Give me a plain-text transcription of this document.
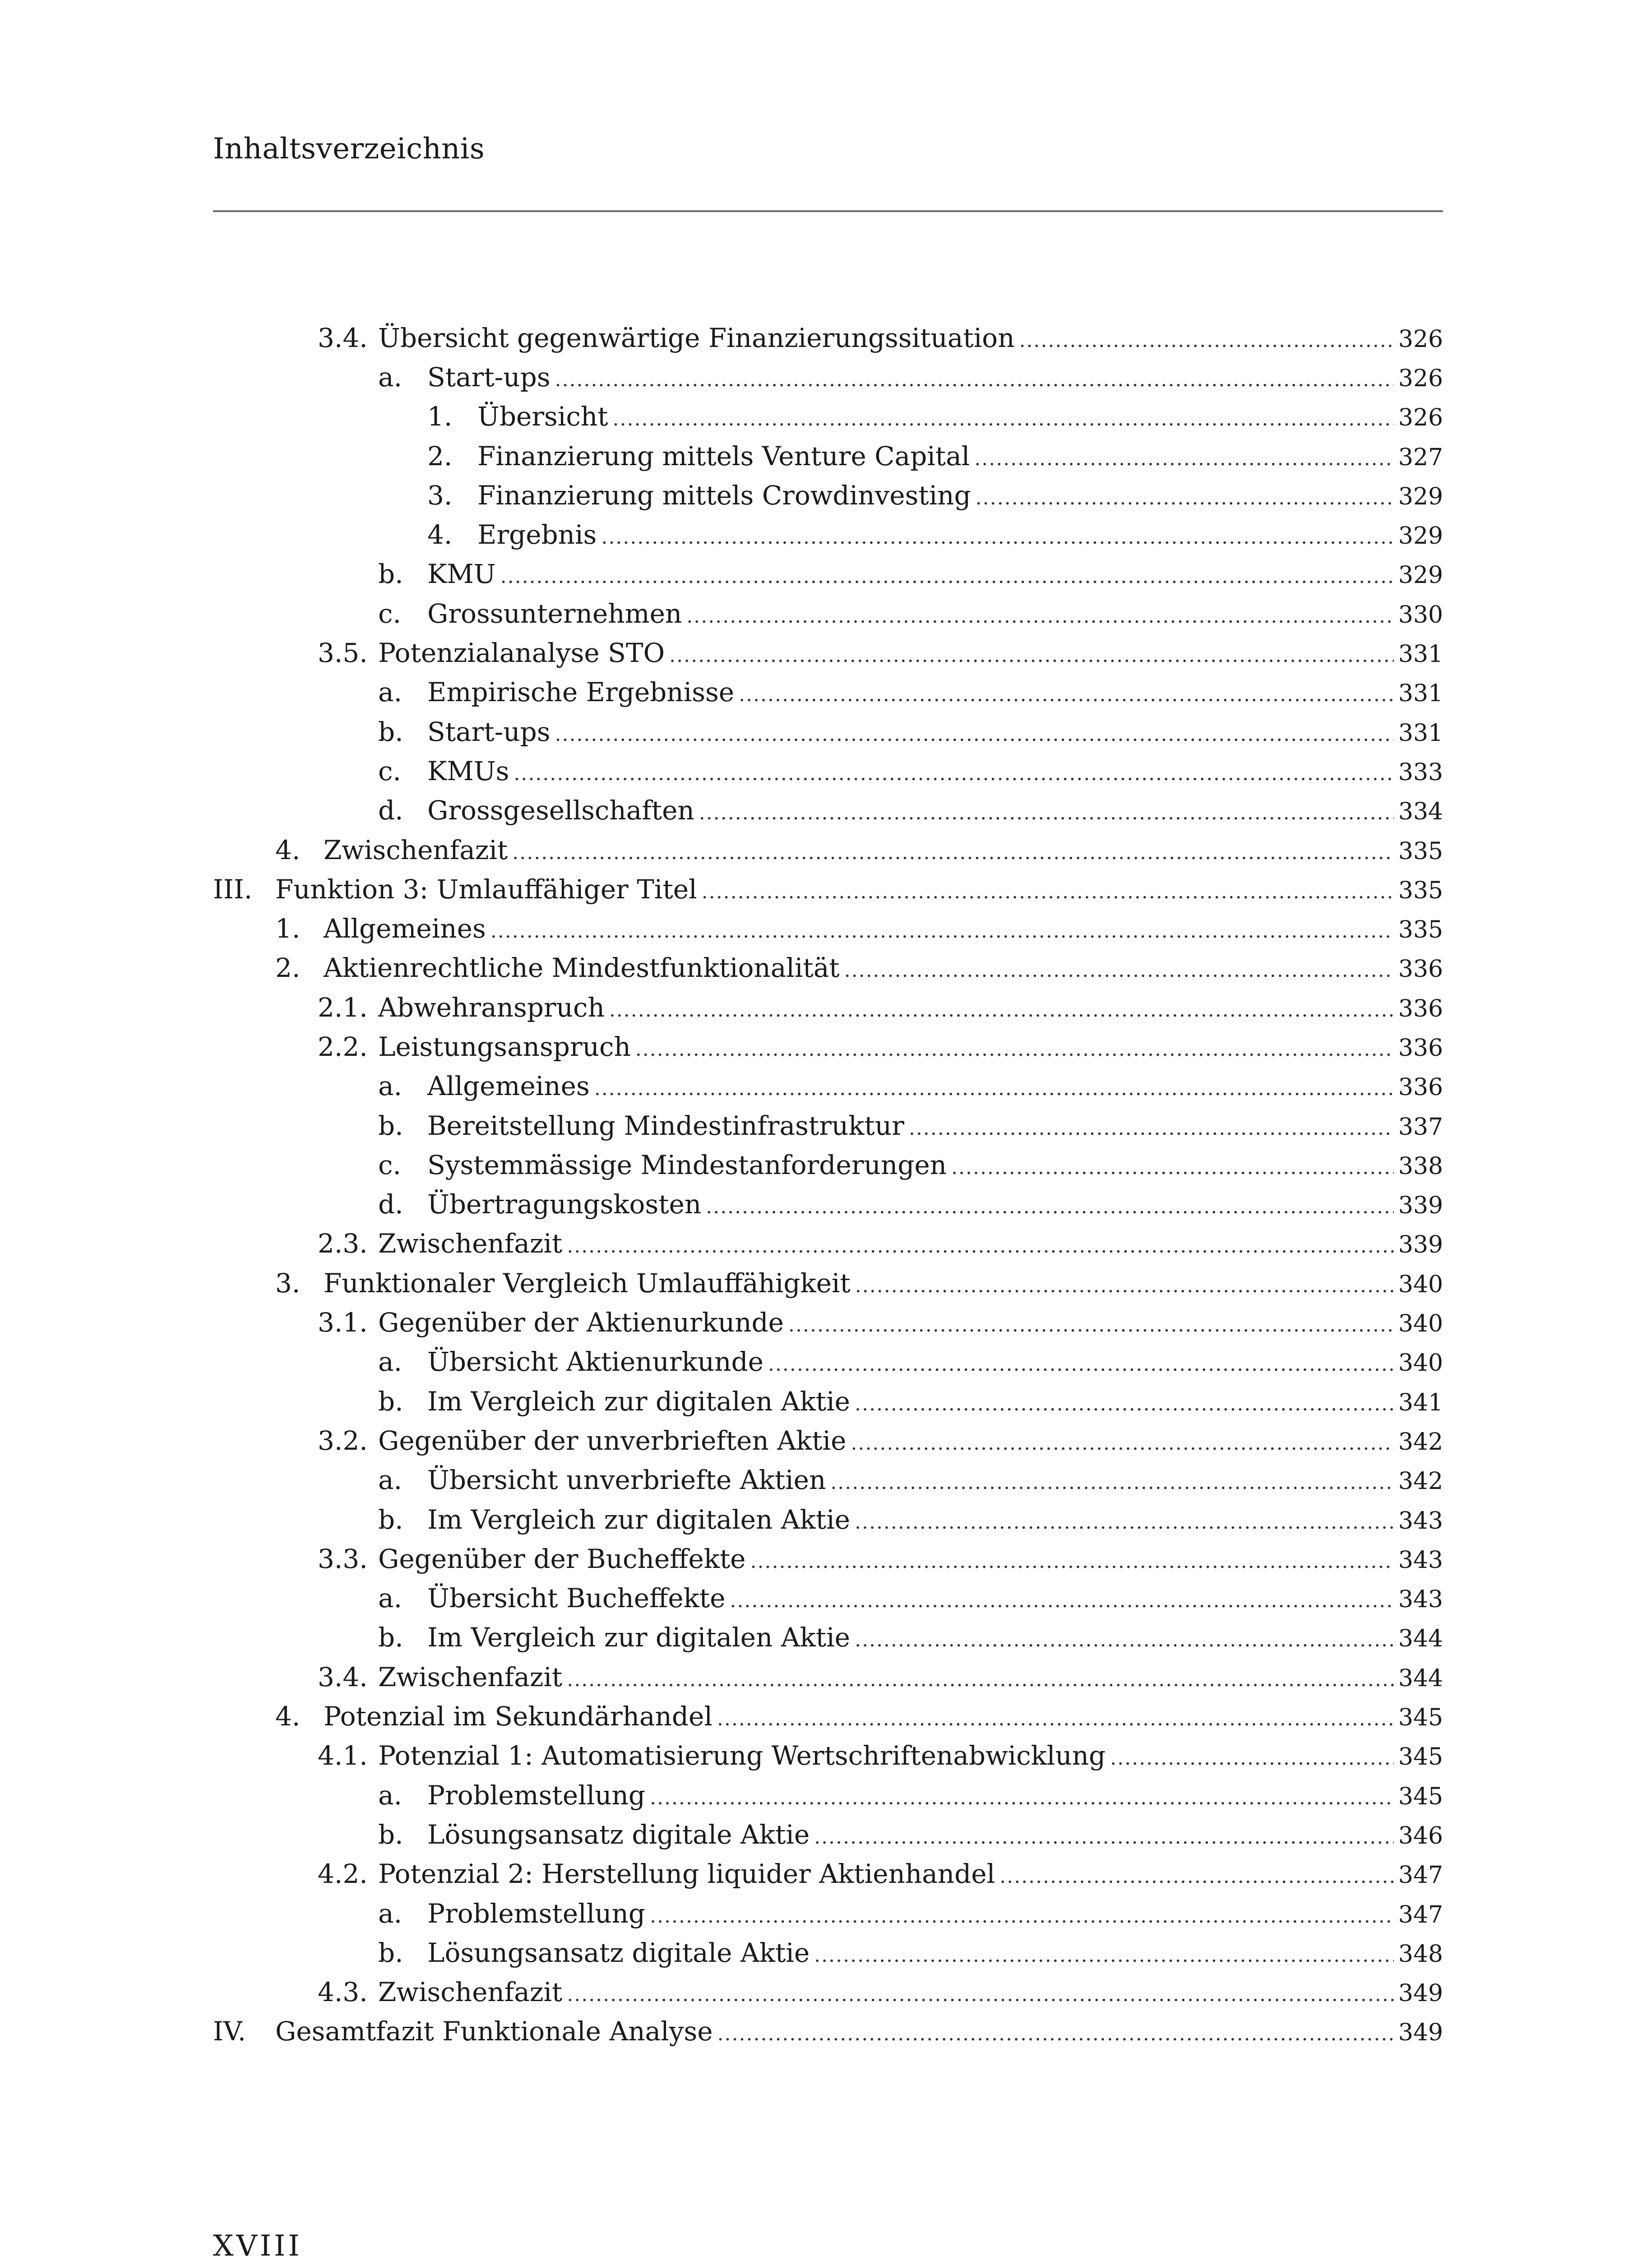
Inhaltsverzeichnis
3.4. Übersicht gegenwärtige Finanzierungssituation .....	326
a. Start-ups .....	326
1. Übersicht .....	326
2. Finanzierung mittels Venture Capital .....	327
3. Finanzierung mittels Crowdinvesting .....	329
4. Ergebnis .....	329
b. KMU .....	329
c. Grossunternehmen .....	330
3.5. Potenzialanalyse STO .....	331
a. Empirische Ergebnisse .....	331
b. Start-ups .....	331
c. KMUs .....	333
d. Grossgesellschaften .....	334
4. Zwischenfazit .....	335
III. Funktion 3: Umlauffähiger Titel .....	335
1. Allgemeines .....	335
2. Aktienrechtliche Mindestfunktionalität .....	336
2.1. Abwehranspruch .....	336
2.2. Leistungsanspruch .....	336
a. Allgemeines .....	336
b. Bereitstellung Mindestinfrastruktur .....	337
c. Systemmässige Mindestanforderungen .....	338
d. Übertragungskosten .....	339
2.3. Zwischenfazit .....	339
3. Funktionaler Vergleich Umlauffähigkeit .....	340
3.1. Gegenüber der Aktienurkunde .....	340
a. Übersicht Aktienurkunde .....	340
b. Im Vergleich zur digitalen Aktie .....	341
3.2. Gegenüber der unverbrieften Aktie .....	342
a. Übersicht unverbriefte Aktien .....	342
b. Im Vergleich zur digitalen Aktie .....	343
3.3. Gegenüber der Bucheffekte .....	343
a. Übersicht Bucheffekte .....	343
b. Im Vergleich zur digitalen Aktie .....	344
3.4. Zwischenfazit .....	344
4. Potenzial im Sekundärhandel .....	345
4.1. Potenzial 1: Automatisierung Wertschriftenabwicklung .....	345
a. Problemstellung .....	345
b. Lösungsansatz digitale Aktie .....	346
4.2. Potenzial 2: Herstellung liquider Aktienhandel .....	347
a. Problemstellung .....	347
b. Lösungsansatz digitale Aktie .....	348
4.3. Zwischenfazit .....	349
IV. Gesamtfazit Funktionale Analyse .....	349
XVIII
